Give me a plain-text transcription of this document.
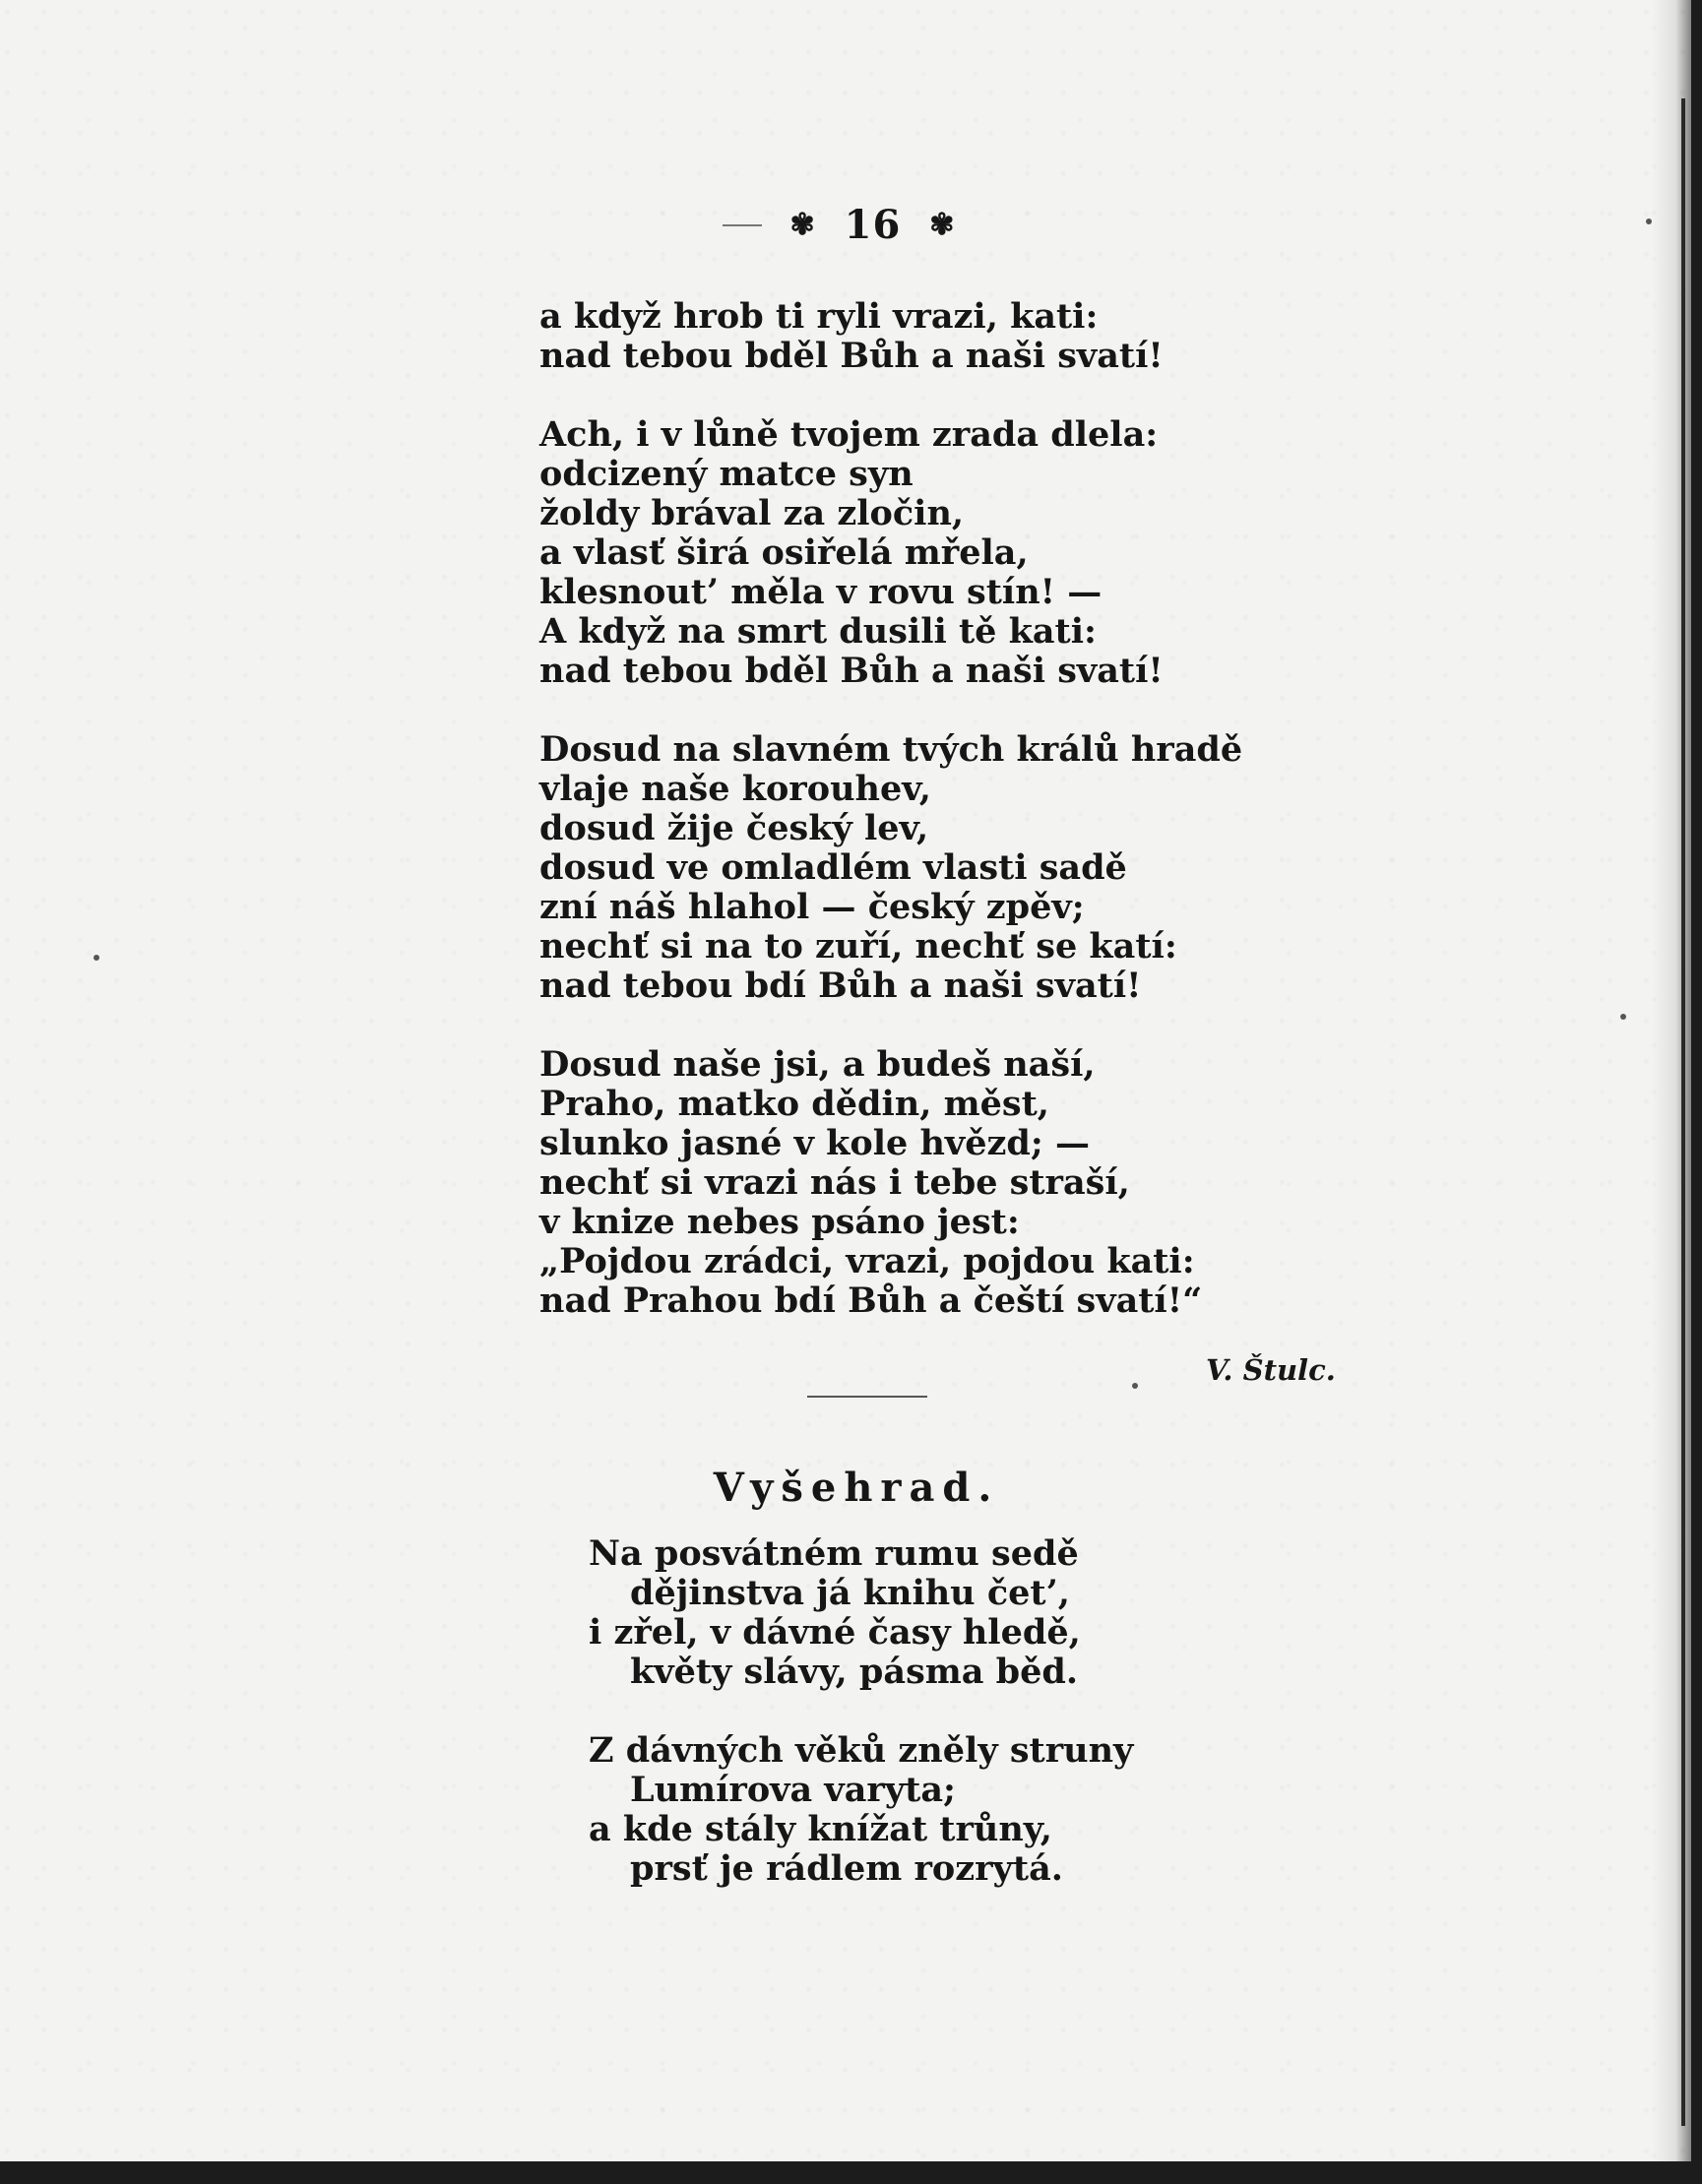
✾ 16 ✾
a když hrob ti ryli vrazi, kati:
nad tebou bděl Bůh a naši svatí!
Ach, i v lůně tvojem zrada dlela:
odcizený matce syn
žoldy brával za zločin,
a vlasť širá osiřelá mřela,
klesnout’ měla v rovu stín! —
A když na smrt dusili tě kati:
nad tebou bděl Bůh a naši svatí!
Dosud na slavném tvých králů hradě
vlaje naše korouhev,
dosud žije český lev,
dosud ve omladlém vlasti sadě
zní náš hlahol — český zpěv;
nechť si na to zuří, nechť se katí:
nad tebou bdí Bůh a naši svatí!
Dosud naše jsi, a budeš naší,
Praho, matko dědin, měst,
slunko jasné v kole hvězd; —
nechť si vrazi nás i tebe straší,
v knize nebes psáno jest:
„Pojdou zrádci, vrazi, pojdou kati:
nad Prahou bdí Bůh a čeští svatí!“
V. Štulc.
Vyšehrad.
Na posvátném rumu sedě
dějinstva já knihu čet’,
i zřel, v dávné časy hledě,
květy slávy, pásma běd.
Z dávných věků zněly struny
Lumírova varyta;
a kde stály knížat trůny,
prsť je rádlem rozrytá.
